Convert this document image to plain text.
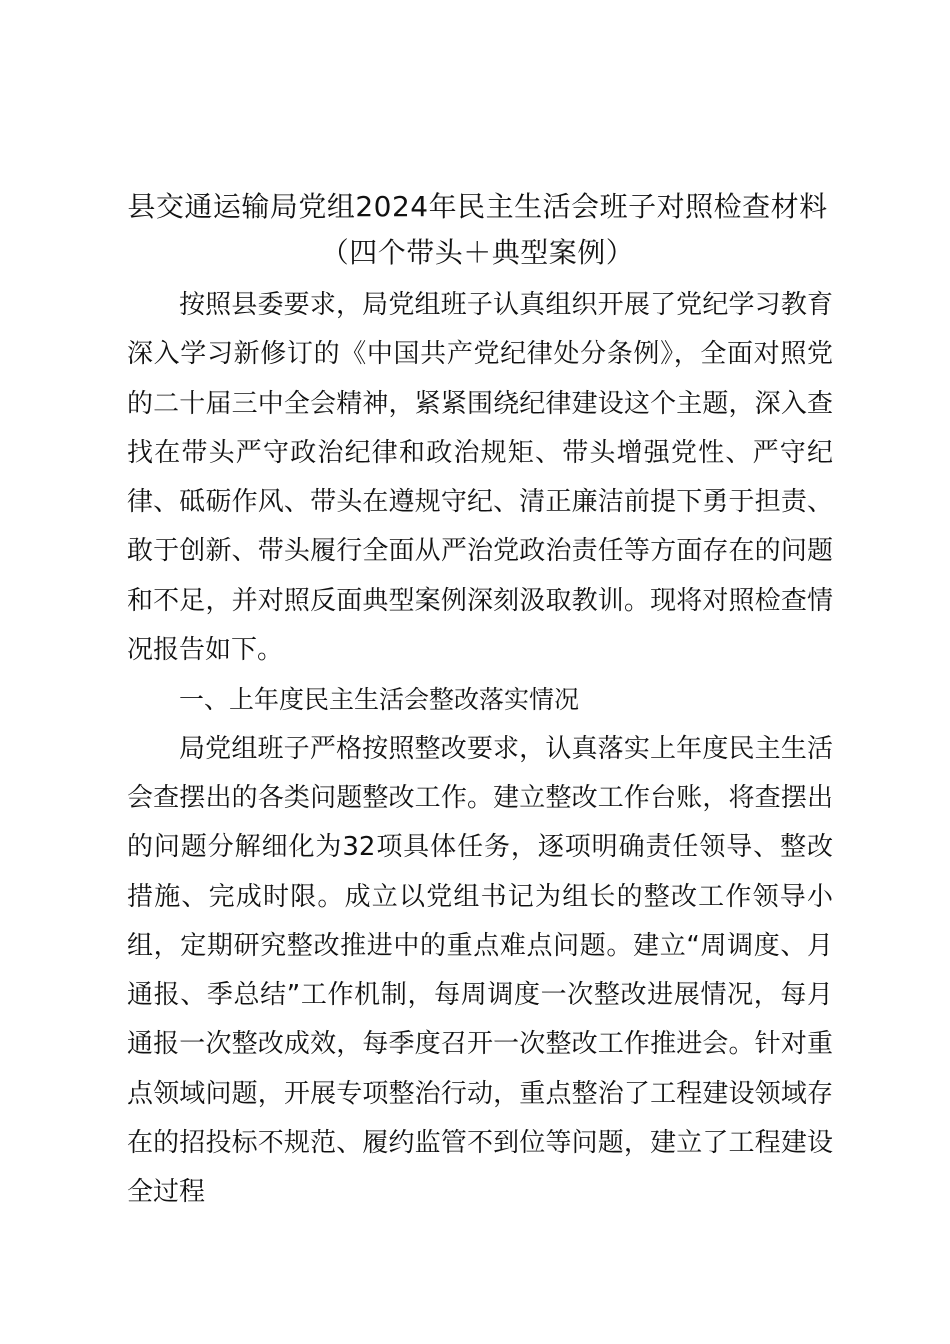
县交通运输局党组2024年民主生活会班子对照检查材料（四个带头＋典型案例）

按照县委要求，局党组班子认真组织开展了党纪学习教育深入学习新修订的《中国共产党纪律处分条例》，全面对照党的二十届三中全会精神，紧紧围绕纪律建设这个主题，深入查找在带头严守政治纪律和政治规矩、带头增强党性、严守纪律、砥砺作风、带头在遵规守纪、清正廉洁前提下勇于担责、敢于创新、带头履行全面从严治党政治责任等方面存在的问题和不足，并对照反面典型案例深刻汲取教训。现将对照检查情况报告如下。

一、上年度民主生活会整改落实情况

局党组班子严格按照整改要求，认真落实上年度民主生活会查摆出的各类问题整改工作。建立整改工作台账，将查摆出的问题分解细化为32项具体任务，逐项明确责任领导、整改措施、完成时限。成立以党组书记为组长的整改工作领导小组，定期研究整改推进中的重点难点问题。建立“周调度、月通报、季总结”工作机制，每周调度一次整改进展情况，每月通报一次整改成效，每季度召开一次整改工作推进会。针对重点领域问题，开展专项整治行动，重点整治了工程建设领域存在的招投标不规范、履约监管不到位等问题，建立了工程建设全过程
